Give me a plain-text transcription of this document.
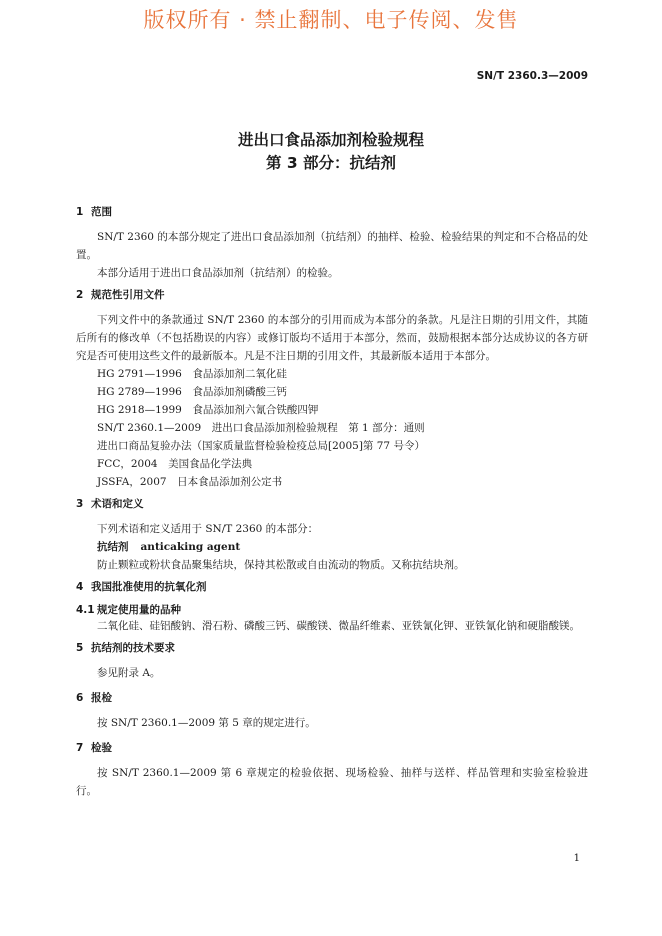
版权所有 · 禁止翻制、电子传阅、发售
SN/T 2360.3—2009
进出口食品添加剂检验规程
第 3 部分：抗结剂
1 范围
SN/T 2360 的本部分规定了进出口食品添加剂（抗结剂）的抽样、检验、检验结果的判定和不合格品的处置。
本部分适用于进出口食品添加剂（抗结剂）的检验。
2 规范性引用文件
下列文件中的条款通过 SN/T 2360 的本部分的引用而成为本部分的条款。凡是注日期的引用文件，其随后所有的修改单（不包括勘误的内容）或修订版均不适用于本部分，然而，鼓励根据本部分达成协议的各方研究是否可使用这些文件的最新版本。凡是不注日期的引用文件，其最新版本适用于本部分。
HG 2791—1996　食品添加剂二氧化硅
HG 2789—1996　食品添加剂磷酸三钙
HG 2918—1999　食品添加剂六氰合铁酸四钾
SN/T 2360.1—2009　进出口食品添加剂检验规程　第 1 部分：通则
进出口商品复验办法（国家质量监督检验检疫总局[2005]第 77 号令）
FCC，2004　美国食品化学法典
JSSFA，2007　日本食品添加剂公定书
3 术语和定义
下列术语和定义适用于 SN/T 2360 的本部分：
抗结剂 anticaking agent
防止颗粒或粉状食品聚集结块，保持其松散或自由流动的物质。又称抗结块剂。
4 我国批准使用的抗氧化剂
4.1 规定使用量的品种
二氧化硅、硅铝酸钠、滑石粉、磷酸三钙、碳酸镁、微晶纤维素、亚铁氰化钾、亚铁氰化钠和硬脂酸镁。
5 抗结剂的技术要求
参见附录 A。
6 报检
按 SN/T 2360.1—2009 第 5 章的规定进行。
7 检验
按 SN/T 2360.1—2009 第 6 章规定的检验依据、现场检验、抽样与送样、样品管理和实验室检验进行。
1
